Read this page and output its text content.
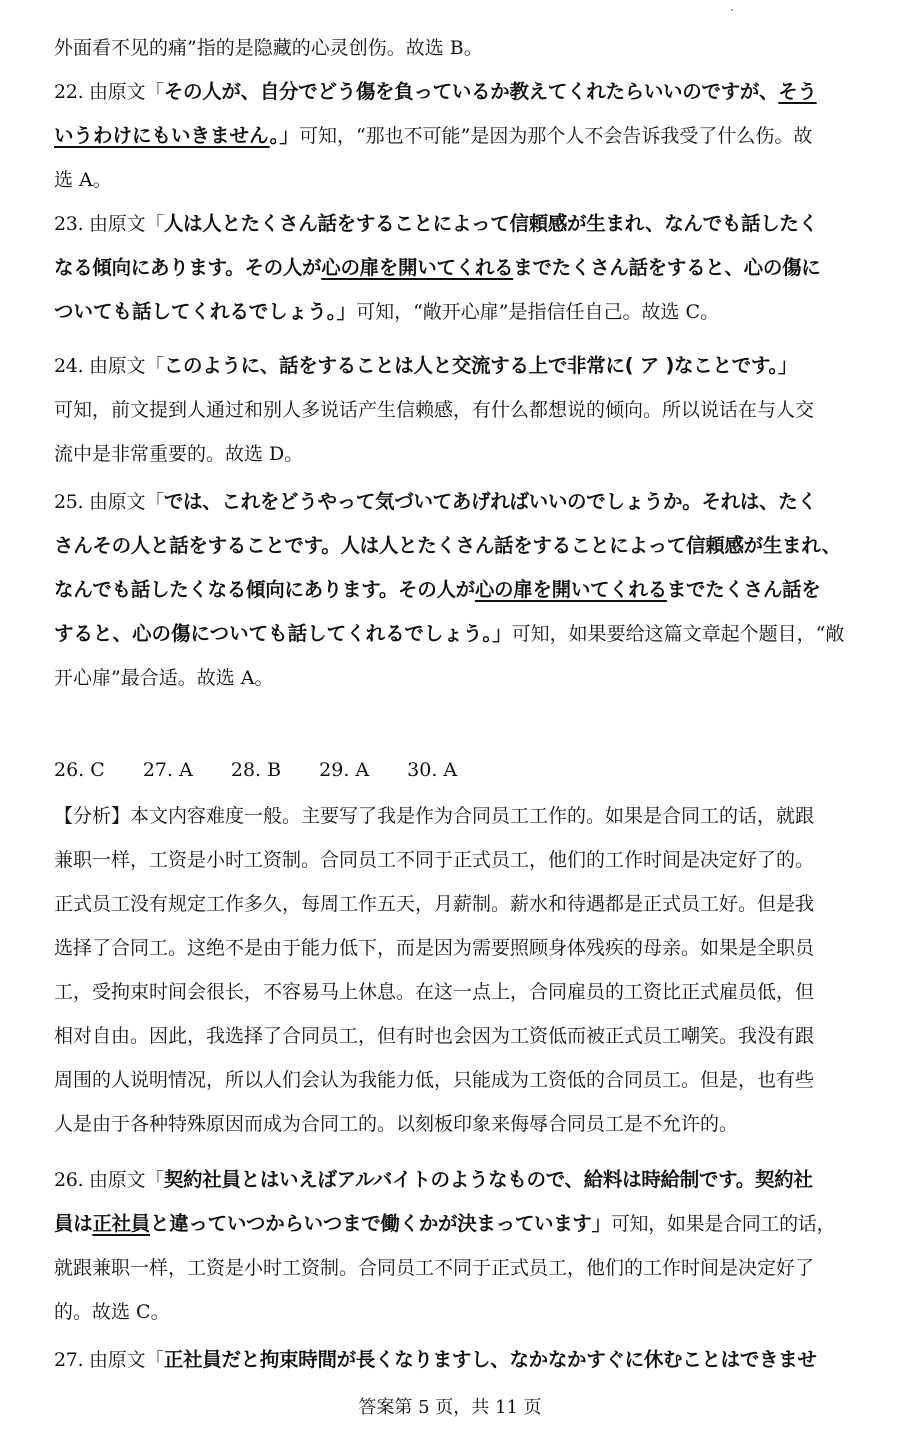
外面看不见的痛”指的是隐藏的心灵创伤。故选 B。
22. 由原文「その人が、自分でどう傷を負っているか教えてくれたらいいのですが、そう
いうわけにもいきません。」可知，“那也不可能”是因为那个人不会告诉我受了什么伤。故
选 A。
23. 由原文「人は人とたくさん話をすることによって信頼感が生まれ、なんでも話したく
なる傾向にあります。その人が心の扉を開いてくれるまでたくさん話をすると、心の傷に
ついても話してくれるでしょう。」可知，“敞开心扉”是指信任自己。故选 C。
24. 由原文「このように、話をすることは人と交流する上で非常に( ア )なことです。」
可知，前文提到人通过和别人多说话产生信赖感，有什么都想说的倾向。所以说话在与人交
流中是非常重要的。故选 D。
25. 由原文「では、これをどうやって気づいてあげればいいのでしょうか。それは、たく
さんその人と話をすることです。人は人とたくさん話をすることによって信頼感が生まれ、
なんでも話したくなる傾向にあります。その人が心の扉を開いてくれるまでたくさん話を
すると、心の傷についても話してくれるでしょう。」可知，如果要给这篇文章起个题目，“敞
开心扉”最合适。故选 A。
26. C 27. A 28. B 29. A 30. A
【分析】本文内容难度一般。主要写了我是作为合同员工工作的。如果是合同工的话，就跟
兼职一样，工资是小时工资制。合同员工不同于正式员工，他们的工作时间是决定好了的。
正式员工没有规定工作多久，每周工作五天，月薪制。薪水和待遇都是正式员工好。但是我
选择了合同工。这绝不是由于能力低下，而是因为需要照顾身体残疾的母亲。如果是全职员
工，受拘束时间会很长，不容易马上休息。在这一点上，合同雇员的工资比正式雇员低，但
相对自由。因此，我选择了合同员工，但有时也会因为工资低而被正式员工嘲笑。我没有跟
周围的人说明情况，所以人们会认为我能力低，只能成为工资低的合同员工。但是，也有些
人是由于各种特殊原因而成为合同工的。以刻板印象来侮辱合同员工是不允许的。
26. 由原文「契約社員とはいえばアルバイトのようなもので、給料は時給制です。契約社
員は正社員と違っていつからいつまで働くかが決まっています」可知，如果是合同工的话，
就跟兼职一样，工资是小时工资制。合同员工不同于正式员工，他们的工作时间是决定好了
的。故选 C。
27. 由原文「正社員だと拘束時間が長くなりますし、なかなかすぐに休むことはできませ
答案第 5 页，共 11 页
